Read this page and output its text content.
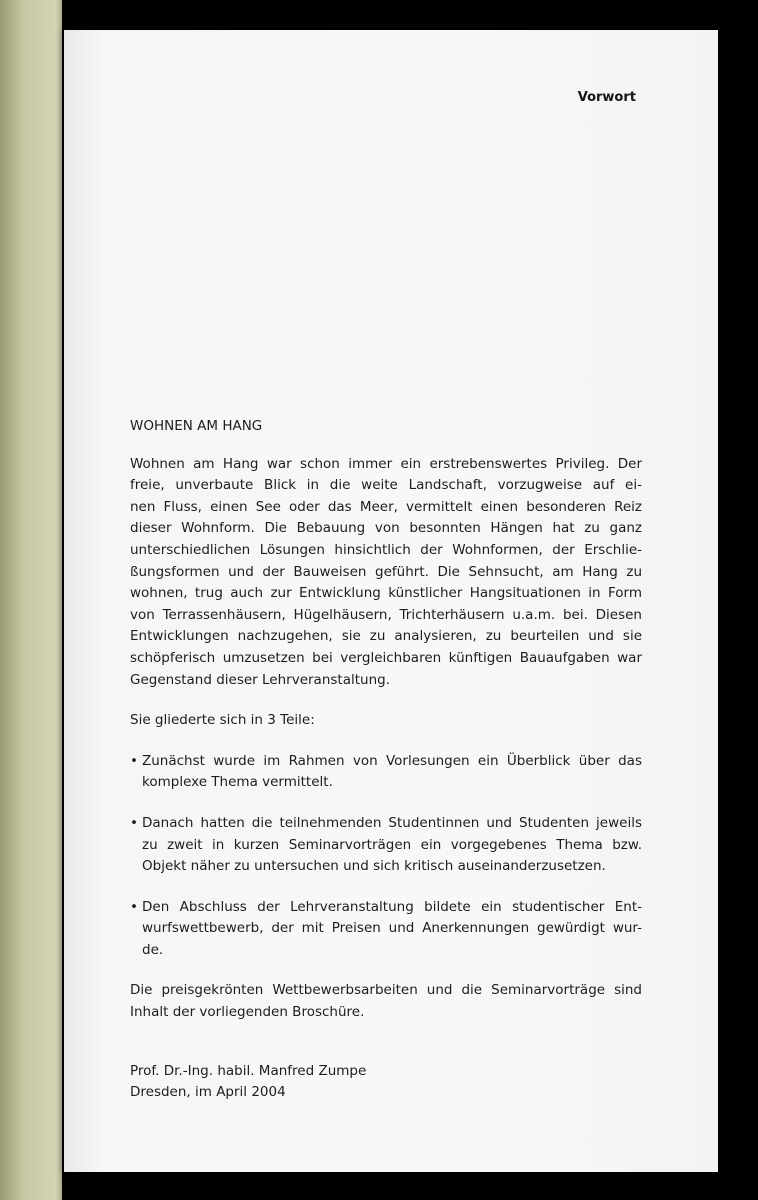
Vorwort
WOHNEN AM HANG
Wohnen am Hang war schon immer ein erstrebenswertes Privileg. Der
freie, unverbaute Blick in die weite Landschaft, vorzugweise auf ei-
nen Fluss, einen See oder das Meer, vermittelt einen besonderen Reiz
dieser Wohnform. Die Bebauung von besonnten Hängen hat zu ganz
unterschiedlichen Lösungen hinsichtlich der Wohnformen, der Erschlie-
ßungsformen und der Bauweisen geführt. Die Sehnsucht, am Hang zu
wohnen, trug auch zur Entwicklung künstlicher Hangsituationen in Form
von Terrassenhäusern, Hügelhäusern, Trichterhäusern u.a.m. bei. Diesen
Entwicklungen nachzugehen, sie zu analysieren, zu beurteilen und sie
schöpferisch umzusetzen bei vergleichbaren künftigen Bauaufgaben war
Gegenstand dieser Lehrveranstaltung.

Sie gliederte sich in 3 Teile:

• Zunächst wurde im Rahmen von Vorlesungen ein Überblick über das
komplexe Thema vermittelt.
• Danach hatten die teilnehmenden Studentinnen und Studenten jeweils
zu zweit in kurzen Seminarvorträgen ein vorgegebenes Thema bzw.
Objekt näher zu untersuchen und sich kritisch auseinanderzusetzen.
• Den Abschluss der Lehrveranstaltung bildete ein studentischer Ent-
wurfswettbewerb, der mit Preisen und Anerkennungen gewürdigt wur-
de.
Die preisgekrönten Wettbewerbsarbeiten und die Seminarvorträge sind
Inhalt der vorliegenden Broschüre.

Prof. Dr.-Ing. habil. Manfred Zumpe

Dresden, im April 2004
